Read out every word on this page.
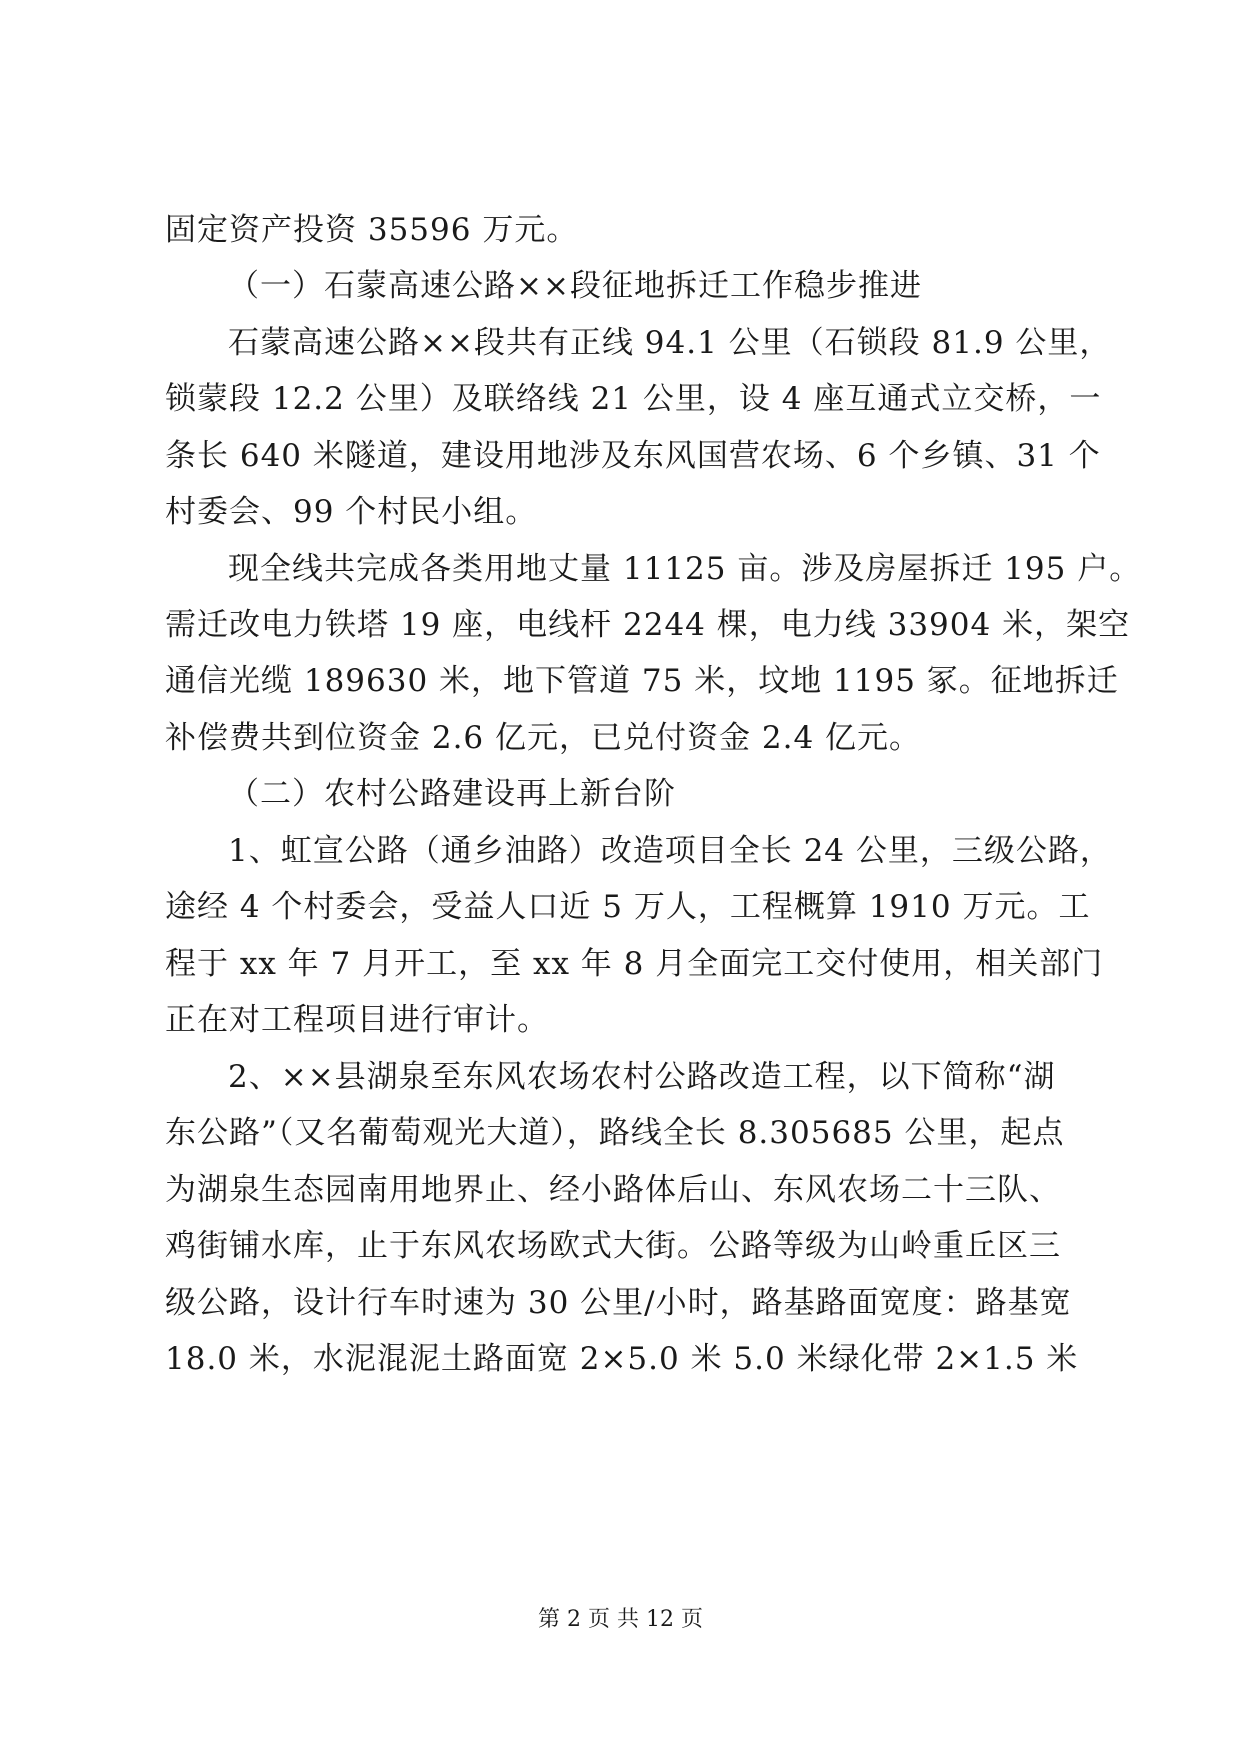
固定资产投资 35596 万元。
（一）石蒙高速公路××段征地拆迁工作稳步推进
石蒙高速公路××段共有正线 94.1 公里（石锁段 81.9 公里，
锁蒙段 12.2 公里）及联络线 21 公里，设 4 座互通式立交桥，一
条长 640 米隧道，建设用地涉及东风国营农场、6 个乡镇、31 个
村委会、99 个村民小组。
现全线共完成各类用地丈量 11125 亩。涉及房屋拆迁 195 户。
需迁改电力铁塔 19 座，电线杆 2244 棵，电力线 33904 米，架空
通信光缆 189630 米，地下管道 75 米，坟地 1195 冢。征地拆迁
补偿费共到位资金 2.6 亿元，已兑付资金 2.4 亿元。
（二）农村公路建设再上新台阶
1、虹宣公路（通乡油路）改造项目全长 24 公里，三级公路，
途经 4 个村委会，受益人口近 5 万人，工程概算 1910 万元。工
程于 xx 年 7 月开工，至 xx 年 8 月全面完工交付使用，相关部门
正在对工程项目进行审计。
2、××县湖泉至东风农场农村公路改造工程，以下简称“湖
东公路”（又名葡萄观光大道），路线全长 8.305685 公里，起点
为湖泉生态园南用地界止、经小路体后山、东风农场二十三队、
鸡街铺水库，止于东风农场欧式大街。公路等级为山岭重丘区三
级公路，设计行车时速为 30 公里/小时，路基路面宽度：路基宽
18.0 米，水泥混泥土路面宽 2×5.0 米 5.0 米绿化带 2×1.5 米
第 2 页 共 12 页
